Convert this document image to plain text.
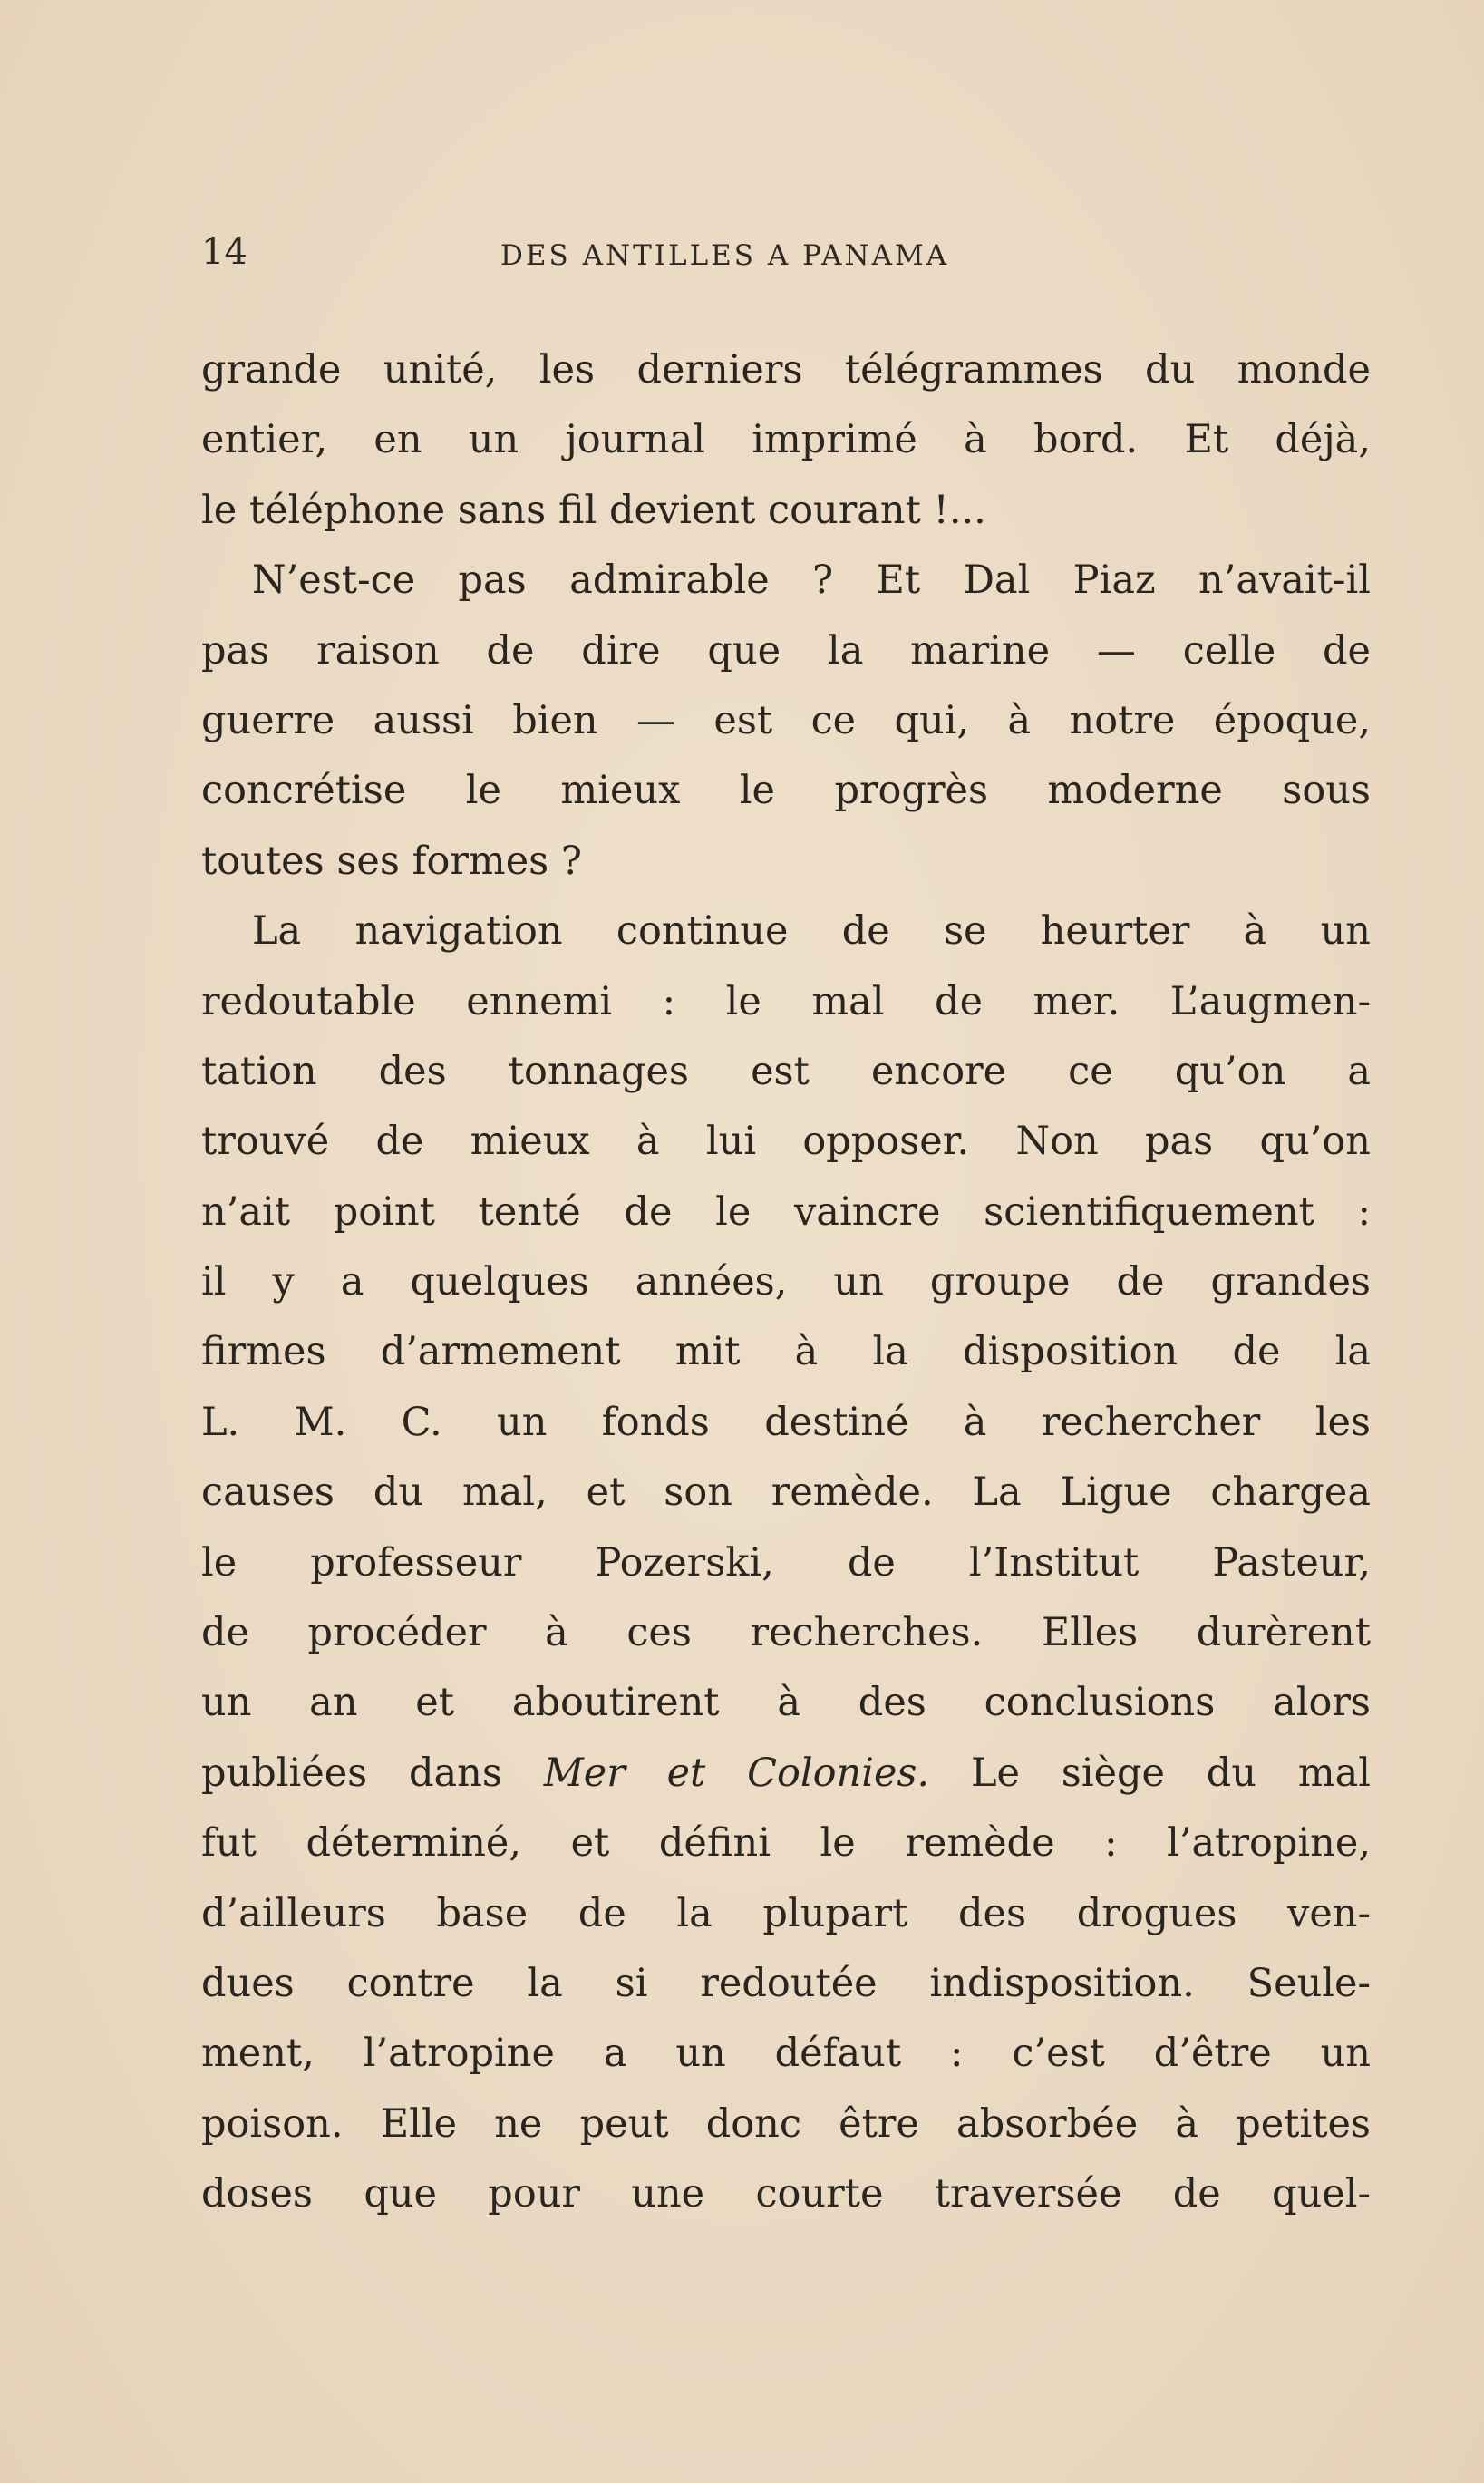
14	DES ANTILLES A PANAMA
grande unité, les derniers télégrammes du monde
entier, en un journal imprimé à bord. Et déjà,
le téléphone sans fil devient courant !...
N’est-ce pas admirable ? Et Dal Piaz n’avait-il
pas raison de dire que la marine — celle de
guerre aussi bien — est ce qui, à notre époque,
concrétise le mieux le progrès moderne sous
toutes ses formes ?
La navigation continue de se heurter à un
redoutable ennemi : le mal de mer. L’augmen-
tation des tonnages est encore ce qu’on a
trouvé de mieux à lui opposer. Non pas qu’on
n’ait point tenté de le vaincre scientifiquement :
il y a quelques années, un groupe de grandes
firmes d’armement mit à la disposition de la
L. M. C. un fonds destiné à rechercher les
causes du mal, et son remède. La Ligue chargea
le professeur Pozerski, de l’Institut Pasteur,
de procéder à ces recherches. Elles durèrent
un an et aboutirent à des conclusions alors
publiées dans Mer et Colonies. Le siège du mal
fut déterminé, et défini le remède : l’atropine,
d’ailleurs base de la plupart des drogues ven-
dues contre la si redoutée indisposition. Seule-
ment, l’atropine a un défaut : c’est d’être un
poison. Elle ne peut donc être absorbée à petites
doses que pour une courte traversée de quel-
